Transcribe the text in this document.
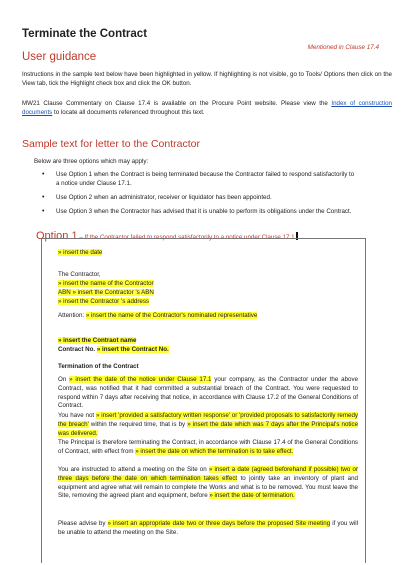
Terminate the Contract
Mentioned in Clause 17.4
User guidance
Instructions in the sample text below have been highlighted in yellow. If highlighting is not visible, go to Tools/ Options then click on the View tab, tick the Highlight check box and click the OK button.
MW21 Clause Commentary on Clause 17.4 is available on the Procure Point website. Please view the Index of construction documents to locate all documents referenced throughout this text.
Sample text for letter to the Contractor
Below are three options which may apply:
• Use Option 1 when the Contract is being terminated because the Contractor failed to respond satisfactorily to a notice under Clause 17.1.
• Use Option 2 when an administrator, receiver or liquidator has been appointed.
• Use Option 3 when the Contractor has advised that it is unable to perform its obligations under the Contract.
Option 1 – If the Contractor failed to respond satisfactorily to a notice under Clause 17.1
» insert the date
The Contractor,
» insert the name of the Contractor
ABN » insert the Contractor ’s ABN
» insert the Contractor ’s address
Attention: » insert the name of the Contractor's nominated representative
» insert the Contraot name
Contract No. » insert the Contract No.
Termination of the Contract
On » insert the date of the notice under Clause 17.1 your company, as the Contractor under the above Contract, was notified that it had committed a substantial breach of the Contract. You were requested to respond within 7 days after receiving that notice, in accordance with Clause 17.2 of the General Conditions of Contract.
You have not » insert 'provided a satisfactory written response' or 'provided proposals to satisfactorily remedy the breach' within the required time, that is by » insert the date which was 7 days after the Principal's notice was delivered.
The Principal is therefore terminating the Contract, in accordance with Clause 17.4 of the General Conditions of Contract, with effect from » insert the date on which the termination is to take effect.
You are instructed to attend a meeting on the Site on » insert a date (agreed beforehand if possible) two or three days before the date on which termination takes effect to jointly take an inventory of plant and equipment and agree what will remain to complete the Works and what is to be removed. You must leave the Site, removing the agreed plant and equipment, before » insert the date of termination.
Please advise by » insert an appropriate date two or three days before the proposed Site meeting if you will be unable to attend the meeting on the Site.
